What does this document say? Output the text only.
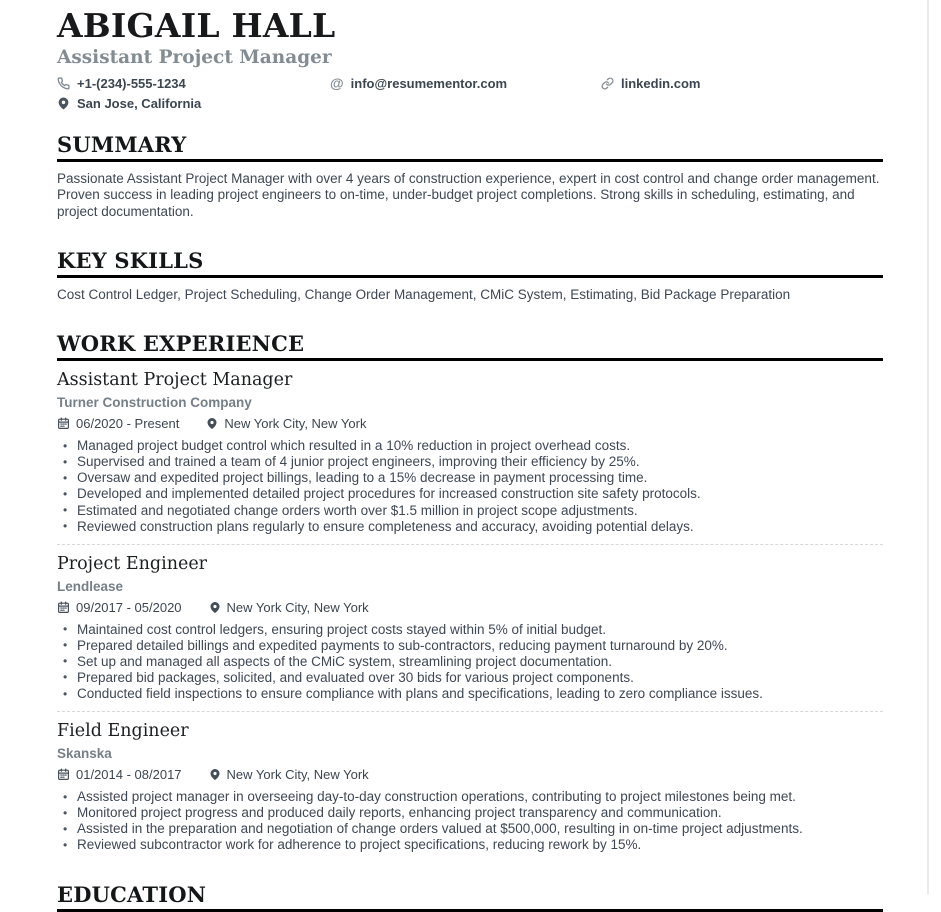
ABIGAIL HALL
Assistant Project Manager
+1-(234)-555-1234	@ info@resumementor.com	linkedin.com
San Jose, California
SUMMARY

Passionate Assistant Project Manager with over 4 years of construction experience, expert in cost control and change order management. Proven success in leading project engineers to on-time, under-budget project completions. Strong skills in scheduling, estimating, and project documentation.

KEY SKILLS

Cost Control Ledger, Project Scheduling, Change Order Management, CMiC System, Estimating, Bid Package Preparation

WORK EXPERIENCE
Assistant Project Manager
Turner Construction Company
06/2020 - Present	New York City, New York
• Managed project budget control which resulted in a 10% reduction in project overhead costs.
• Supervised and trained a team of 4 junior project engineers, improving their efficiency by 25%.
• Oversaw and expedited project billings, leading to a 15% decrease in payment processing time.
• Developed and implemented detailed project procedures for increased construction site safety protocols.
• Estimated and negotiated change orders worth over $1.5 million in project scope adjustments.
• Reviewed construction plans regularly to ensure completeness and accuracy, avoiding potential delays.
Project Engineer
Lendlease
09/2017 - 05/2020	New York City, New York
• Maintained cost control ledgers, ensuring project costs stayed within 5% of initial budget.
• Prepared detailed billings and expedited payments to sub-contractors, reducing payment turnaround by 20%.
• Set up and managed all aspects of the CMiC system, streamlining project documentation.
• Prepared bid packages, solicited, and evaluated over 30 bids for various project components.
• Conducted field inspections to ensure compliance with plans and specifications, leading to zero compliance issues.
Field Engineer
Skanska
01/2014 - 08/2017	New York City, New York
• Assisted project manager in overseeing day-to-day construction operations, contributing to project milestones being met.
• Monitored project progress and produced daily reports, enhancing project transparency and communication.
• Assisted in the preparation and negotiation of change orders valued at $500,000, resulting in on-time project adjustments.
• Reviewed subcontractor work for adherence to project specifications, reducing rework by 15%.
EDUCATION
